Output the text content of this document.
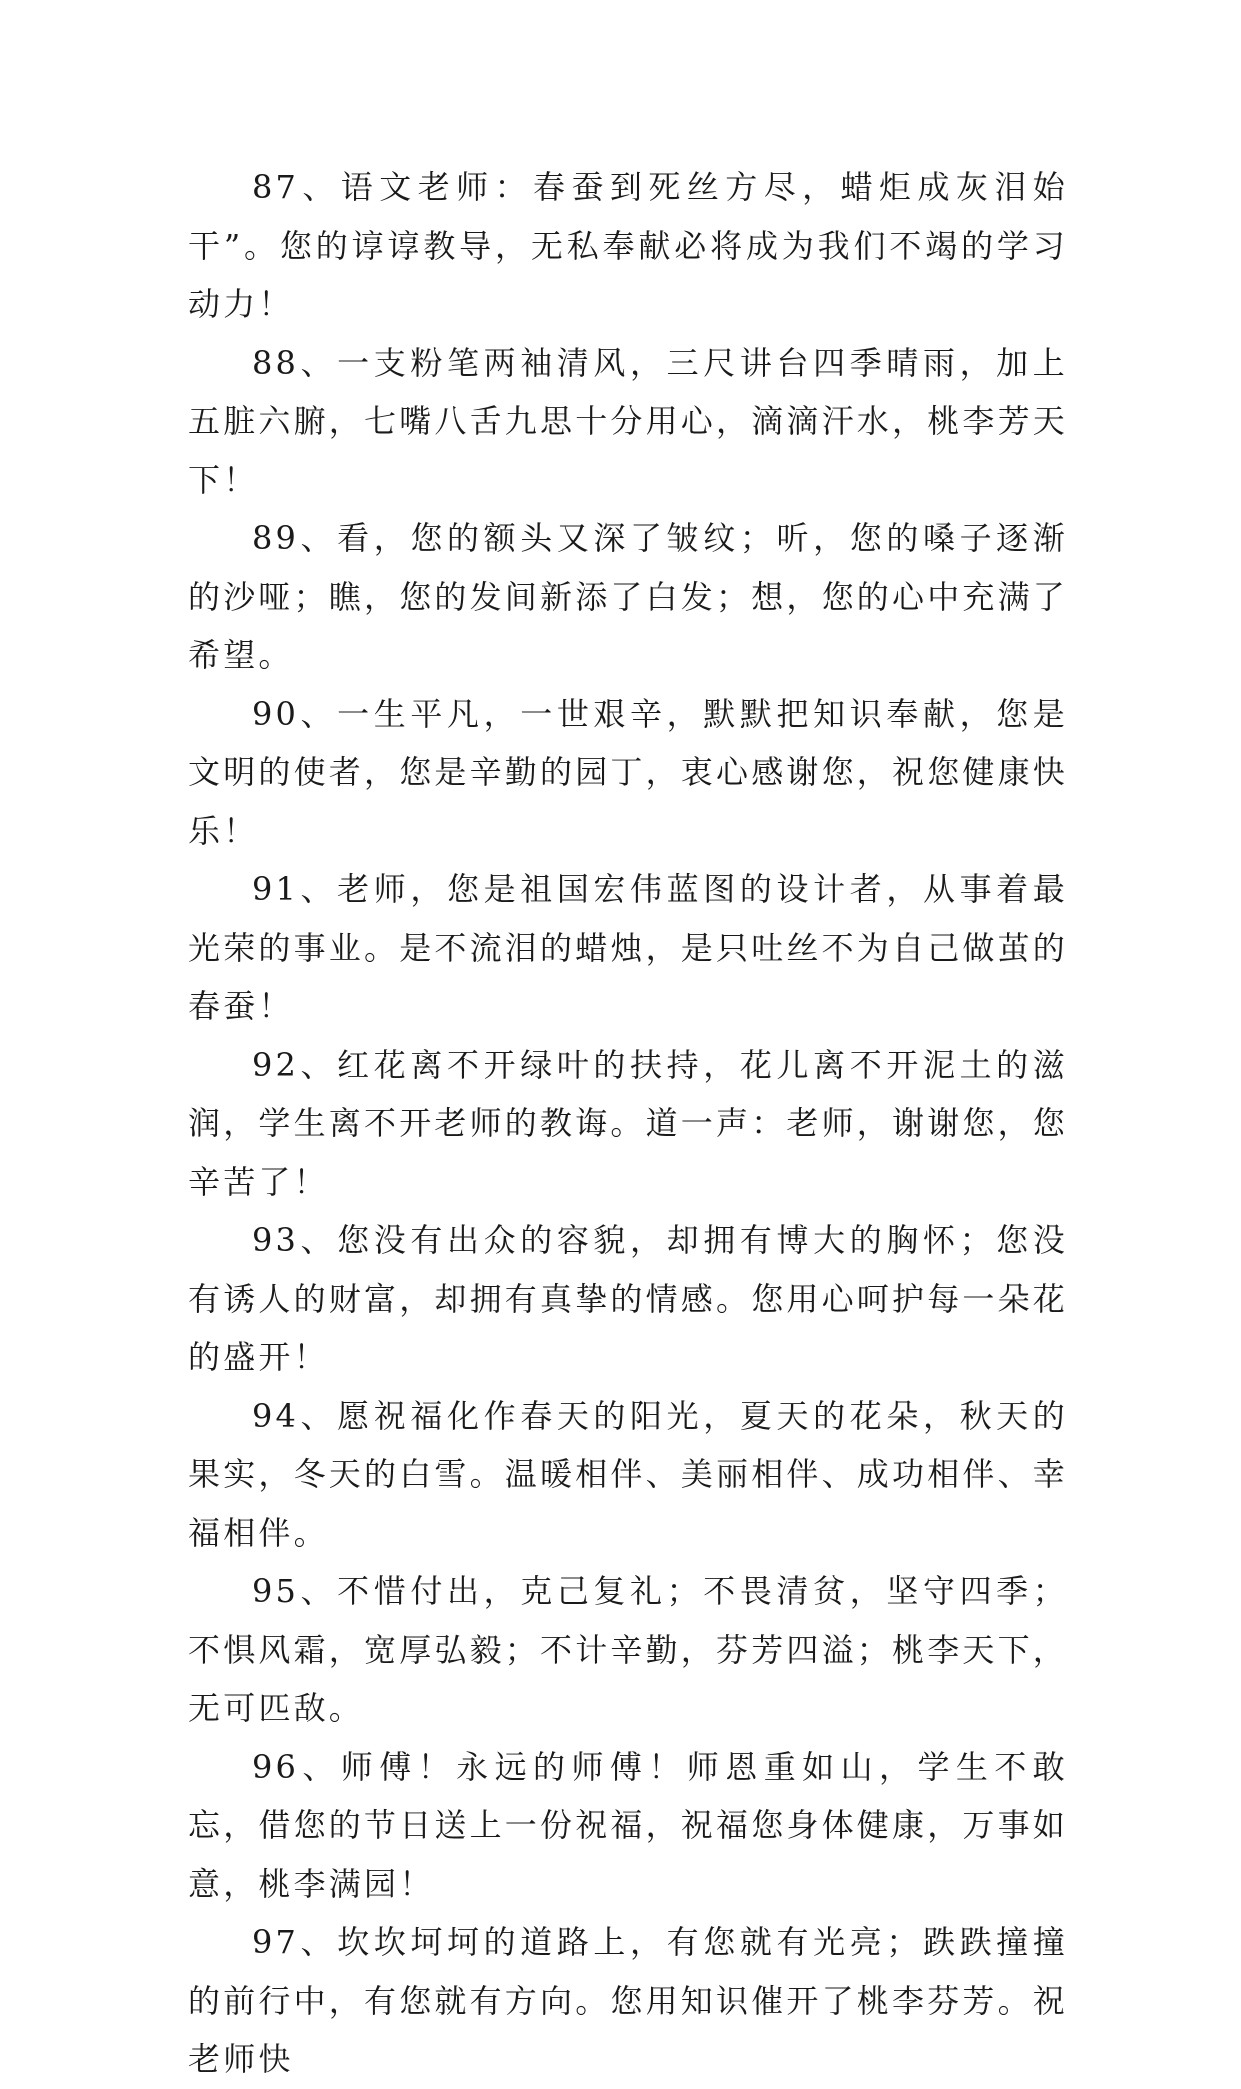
87、语文老师：春蚕到死丝方尽，蜡炬成灰泪始干”。您的谆谆教导，无私奉献必将成为我们不竭的学习动力！

88、一支粉笔两袖清风，三尺讲台四季晴雨，加上五脏六腑，七嘴八舌九思十分用心，滴滴汗水，桃李芳天下！

89、看，您的额头又深了皱纹；听，您的嗓子逐渐的沙哑；瞧，您的发间新添了白发；想，您的心中充满了希望。

90、一生平凡，一世艰辛，默默把知识奉献，您是文明的使者，您是辛勤的园丁，衷心感谢您，祝您健康快乐！

91、老师，您是祖国宏伟蓝图的设计者，从事着最光荣的事业。是不流泪的蜡烛，是只吐丝不为自己做茧的春蚕！

92、红花离不开绿叶的扶持，花儿离不开泥土的滋润，学生离不开老师的教诲。道一声：老师，谢谢您，您辛苦了！

93、您没有出众的容貌，却拥有博大的胸怀；您没有诱人的财富，却拥有真挚的情感。您用心呵护每一朵花的盛开！

94、愿祝福化作春天的阳光，夏天的花朵，秋天的果实，冬天的白雪。温暖相伴、美丽相伴、成功相伴、幸福相伴。

95、不惜付出，克己复礼；不畏清贫，坚守四季；不惧风霜，宽厚弘毅；不计辛勤，芬芳四溢；桃李天下，无可匹敌。

96、师傅！永远的师傅！师恩重如山，学生不敢忘，借您的节日送上一份祝福，祝福您身体健康，万事如意，桃李满园！

97、坎坎坷坷的道路上，有您就有光亮；跌跌撞撞的前行中，有您就有方向。您用知识催开了桃李芬芳。祝老师快
